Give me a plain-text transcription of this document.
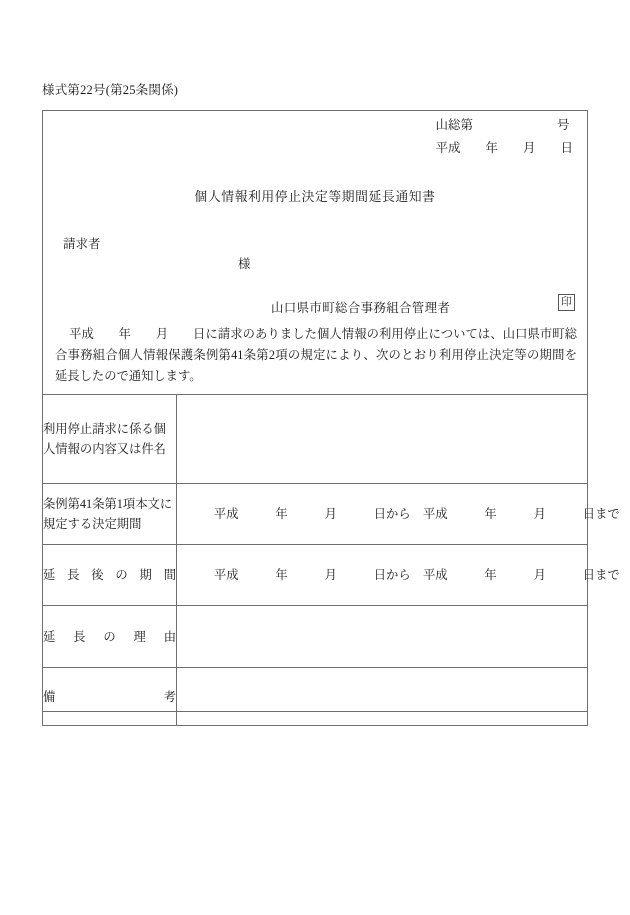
様式第22号(第25条関係)
山総第	号
平成　　年　　月　　日
個人情報利用停止決定等期間延長通知書
請求者
様
山口県市町総合事務組合管理者	印

平成　　年　　月　　日に請求のありました個人情報の利用停止については、山口県市町総合事務組合個人情報保護条例第41条第2項の規定により、次のとおり利用停止決定等の期間を延長したので通知します。

利用停止請求に係る個人情報の内容又は件名	
条例第41条第1項本文に規定する決定期間	平成　　　年　　　月　　　日から　平成　　　年　　　月　　　日まで

延長後の期間	平成　　　年　　　月　　　日から　平成　　　年　　　月　　　日まで

延長の理由	

備考	
